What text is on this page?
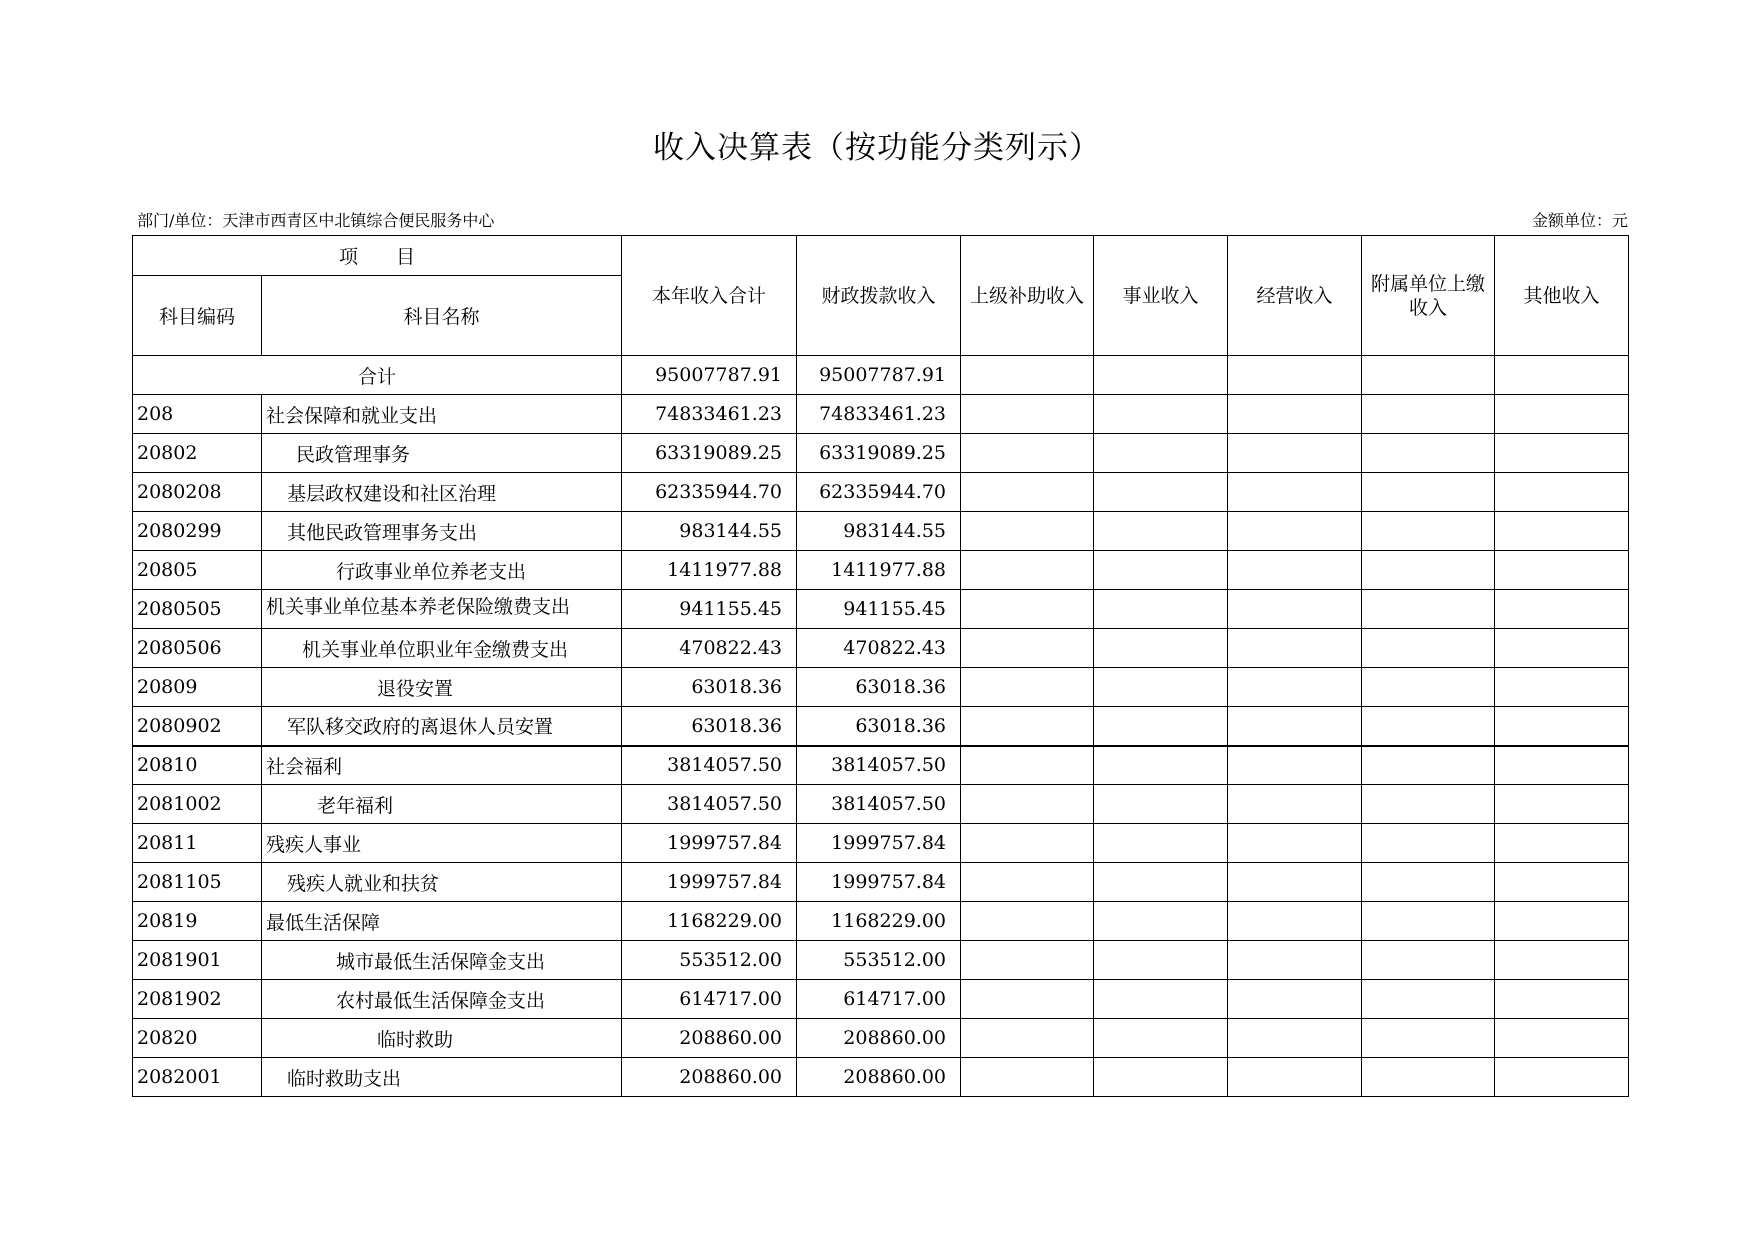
收入决算表（按功能分类列示）
部门/单位：天津市西青区中北镇综合便民服务中心	金额单位：元
项　　目		本年收入合计	财政拨款收入	上级补助收入	事业收入	经营收入	附属单位上缴收入	其他收入
科目编码	科目名称							
合计		95007787.91	95007787.91					
208	社会保障和就业支出	74833461.23	74833461.23					
20802	民政管理事务	63319089.25	63319089.25					
2080208	基层政权建设和社区治理	62335944.70	62335944.70					
2080299	其他民政管理事务支出	983144.55	983144.55					
20805	行政事业单位养老支出	1411977.88	1411977.88					
2080505	机关事业单位基本养老保险缴费支出	941155.45	941155.45					
2080506	机关事业单位职业年金缴费支出	470822.43	470822.43					
20809	退役安置	63018.36	63018.36					
2080902	军队移交政府的离退休人员安置	63018.36	63018.36					
20810	社会福利	3814057.50	3814057.50					
2081002	老年福利	3814057.50	3814057.50					
20811	残疾人事业	1999757.84	1999757.84					
2081105	残疾人就业和扶贫	1999757.84	1999757.84					
20819	最低生活保障	1168229.00	1168229.00					
2081901	城市最低生活保障金支出	553512.00	553512.00					
2081902	农村最低生活保障金支出	614717.00	614717.00					
20820	临时救助	208860.00	208860.00					
2082001	临时救助支出	208860.00	208860.00					
